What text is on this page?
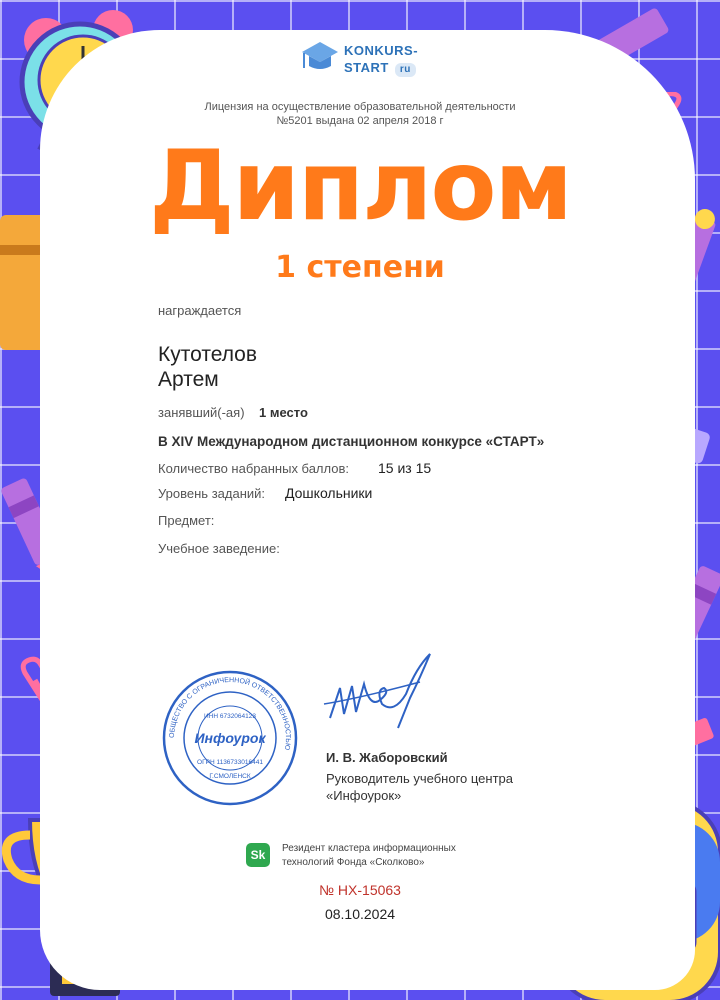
KONKURS-
START ru
Лицензия на осуществление образовательной деятельности №5201 выдана 02 апреля 2018 г
Диплом
1 степени
награждается
Кутотелов
Артем
занявший(-ая) 1 место
В XIV Международном дистанционном конкурсе «СТАРТ»
Количество набранных баллов: 15 из 15
Уровень заданий: Дошкольники
Предмет:
Учебное заведение:
ОБЩЕСТВО С ОГРАНИЧЕННОЙ ОТВЕТСТВЕННОСТЬЮ
ИНН 6732064123
Инфоурок
ОГРН 1136733016441
Г.СМОЛЕНСК
И. В. Жаборовский
Руководитель учебного центра
«Инфоурок»
Sk	Резидент кластера информационных
технологий Фонда «Сколково»
№ НХ-15063
08.10.2024
